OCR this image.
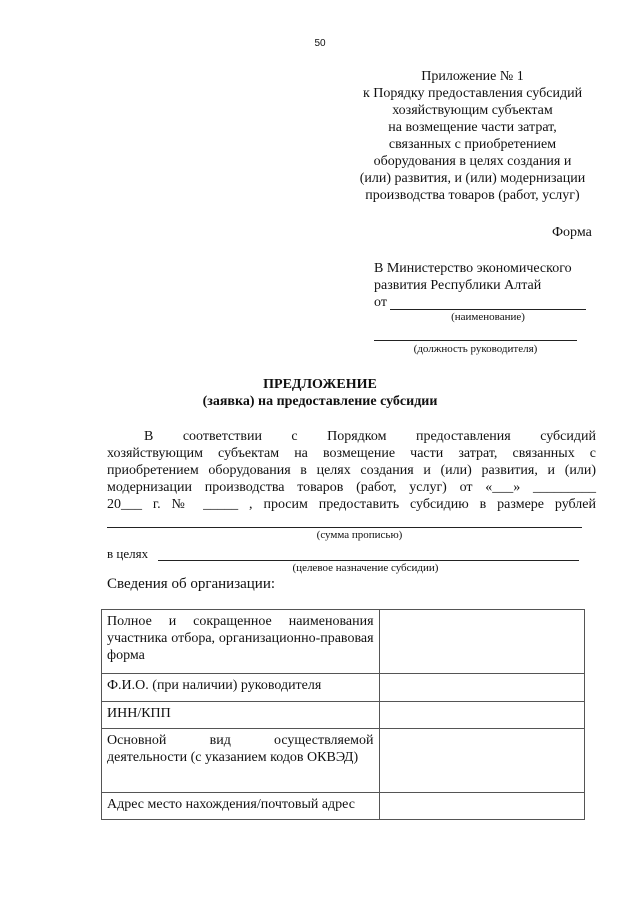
50
Приложение № 1
к Порядку предоставления субсидий
хозяйствующим субъектам
на возмещение части затрат,
связанных с приобретением
оборудования в целях создания и
(или) развития, и (или) модернизации
производства товаров (работ, услуг)
Форма
В Министерство экономического
развития Республики Алтай
от
(наименование)
(должность руководителя)
ПРЕДЛОЖЕНИЕ
(заявка) на предоставление субсидии
В соответствии с Порядком предоставления субсидий
хозяйствующим субъектам на возмещение части затрат, связанных с
приобретением оборудования в целях создания и (или) развития, и (или)
модернизации производства товаров (работ, услуг) от «___» _________
20___ г. № _____ , просим предоставить субсидию в размере рублей
(сумма прописью)
в целях
(целевое назначение субсидии)
Сведения об организации:
Полное и сокращенное наименования участника отбора, организационно-правовая форма	
Ф.И.О. (при наличии) руководителя	
ИНН/КПП	
Основной вид осуществляемой деятельности (с указанием кодов ОКВЭД)	
Адрес место нахождения/почтовый адрес	
